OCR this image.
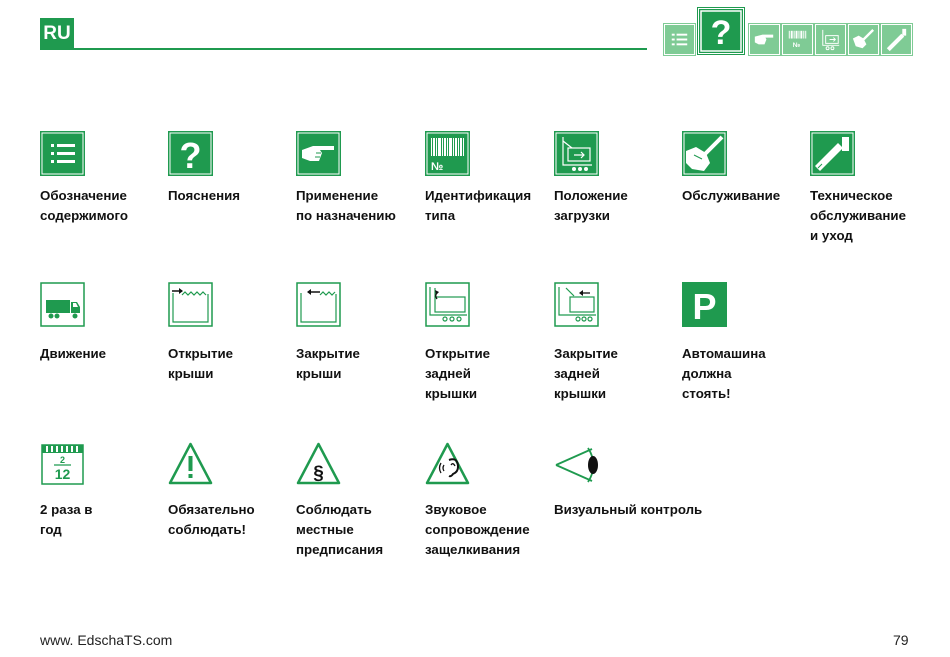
RU	?	№
Обозначение
содержимого
?
Пояснения	Применение
по назначению
№
Идентификация
типа
Положение
загрузки
Обслуживание Техническое
обслуживание
и уход
Движение	Открытие
крыши
Закрытие
крыши
Открытие
задней
крышки
Закрытие
задней
крышки
P
Автомашина
должна
стоять!
2
12
2 раза в
год
Обязательно
соблюдать!
§
Соблюдать
местные
предписания
Звуковое
сопровождение
защелкивания
Визуальный контроль
www. EdschaTS.com	79
